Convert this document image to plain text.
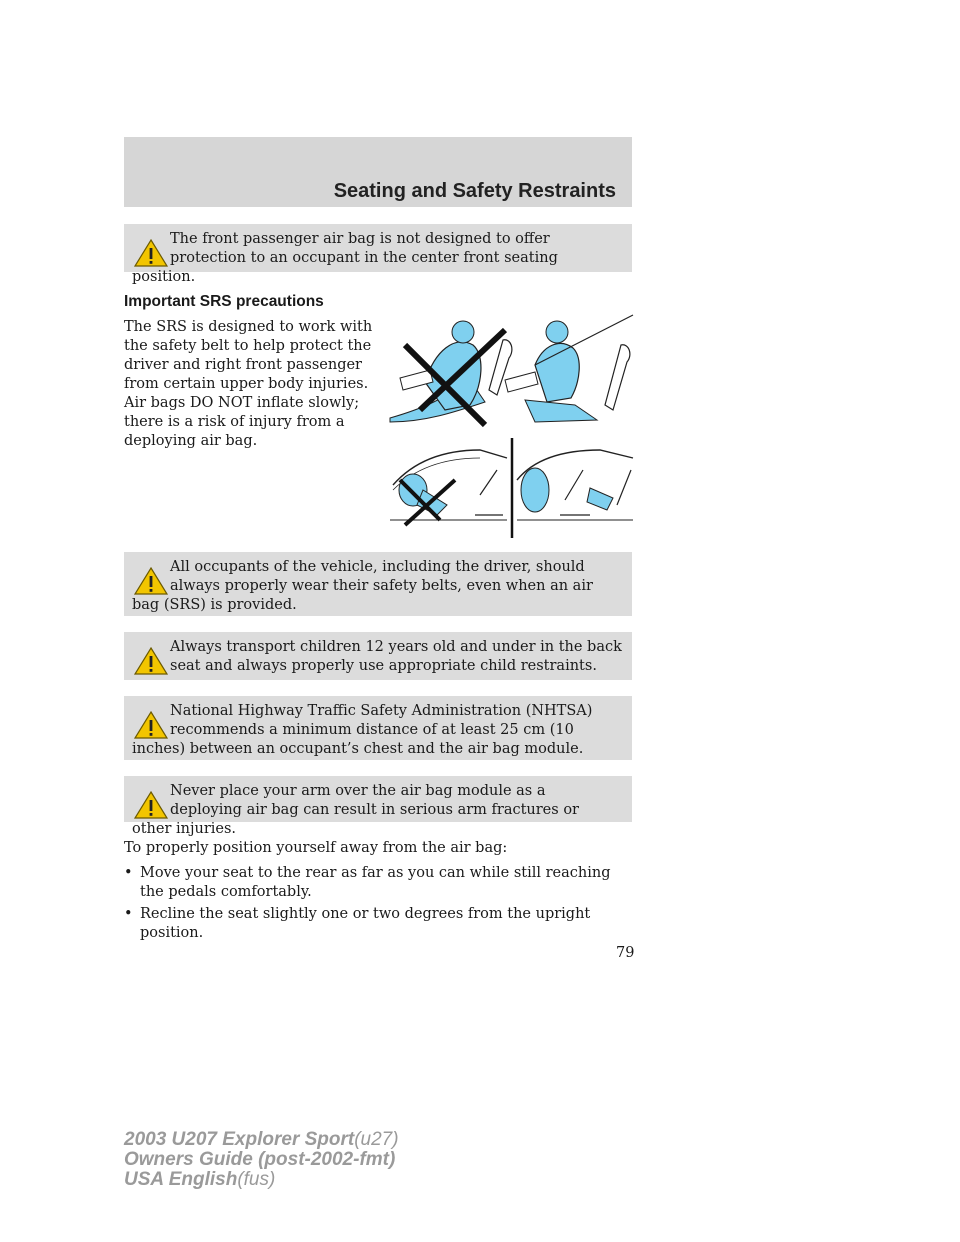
Seating and Safety Restraints

The front passenger air bag is not designed to offer protection to an occupant in the center front seating position.

Important SRS precautions

The SRS is designed to work with the safety belt to help protect the driver and right front passenger from certain upper body injuries. Air bags DO NOT inflate slowly; there is a risk of injury from a deploying air bag.

All occupants of the vehicle, including the driver, should always properly wear their safety belts, even when an air bag (SRS) is provided.

Always transport children 12 years old and under in the back seat and always properly use appropriate child restraints.

National Highway Traffic Safety Administration (NHTSA) recommends a minimum distance of at least 25 cm (10 inches) between an occupant’s chest and the air bag module.

Never place your arm over the air bag module as a deploying air bag can result in serious arm fractures or other injuries.

To properly position yourself away from the air bag:

• Move your seat to the rear as far as you can while still reaching the pedals comfortably.

• Recline the seat slightly one or two degrees from the upright position.

79
2003 U207 Explorer Sport(u27)
Owners Guide (post-2002-fmt)
USA English(fus)
